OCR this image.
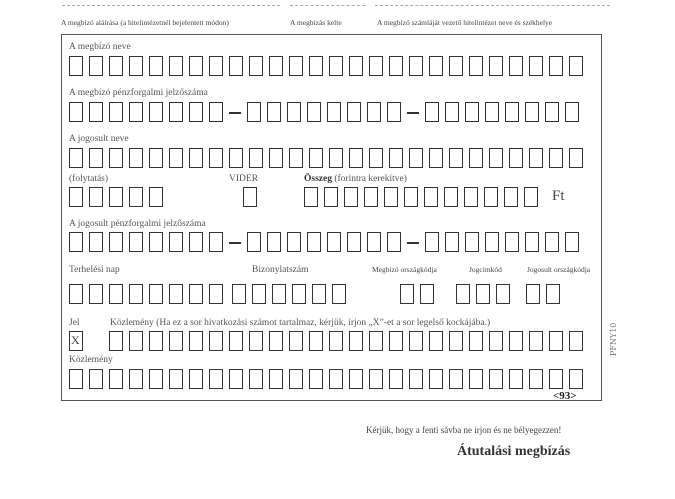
A megbízó aláírása (a hitelintézetnél bejelentett módon)	A megbízás kelte	A megbízó számláját vezető hitelintézet neve és székhelye
A megbízó neve
A megbízó pénzforgalmi jelzőszáma
A jogosult neve
(folytatás)	VIDER	Összeg (forintra kerekítve)
Ft
A jogosult pénzforgalmi jelzőszáma
Terhelési nap	Bizonylatszám	Megbízó országkódja	Jogcímkód	Jogosult országkódja
Jel	Közlemény (Ha ez a sor hivatkozási számot tartalmaz, kérjük, írjon „X”-et a sor legelső kockájába.)
X
Közlemény
PFNY10
<93>
Kérjük, hogy a fenti sávba ne írjon és ne bélyegezzen!
Átutalási megbízás
